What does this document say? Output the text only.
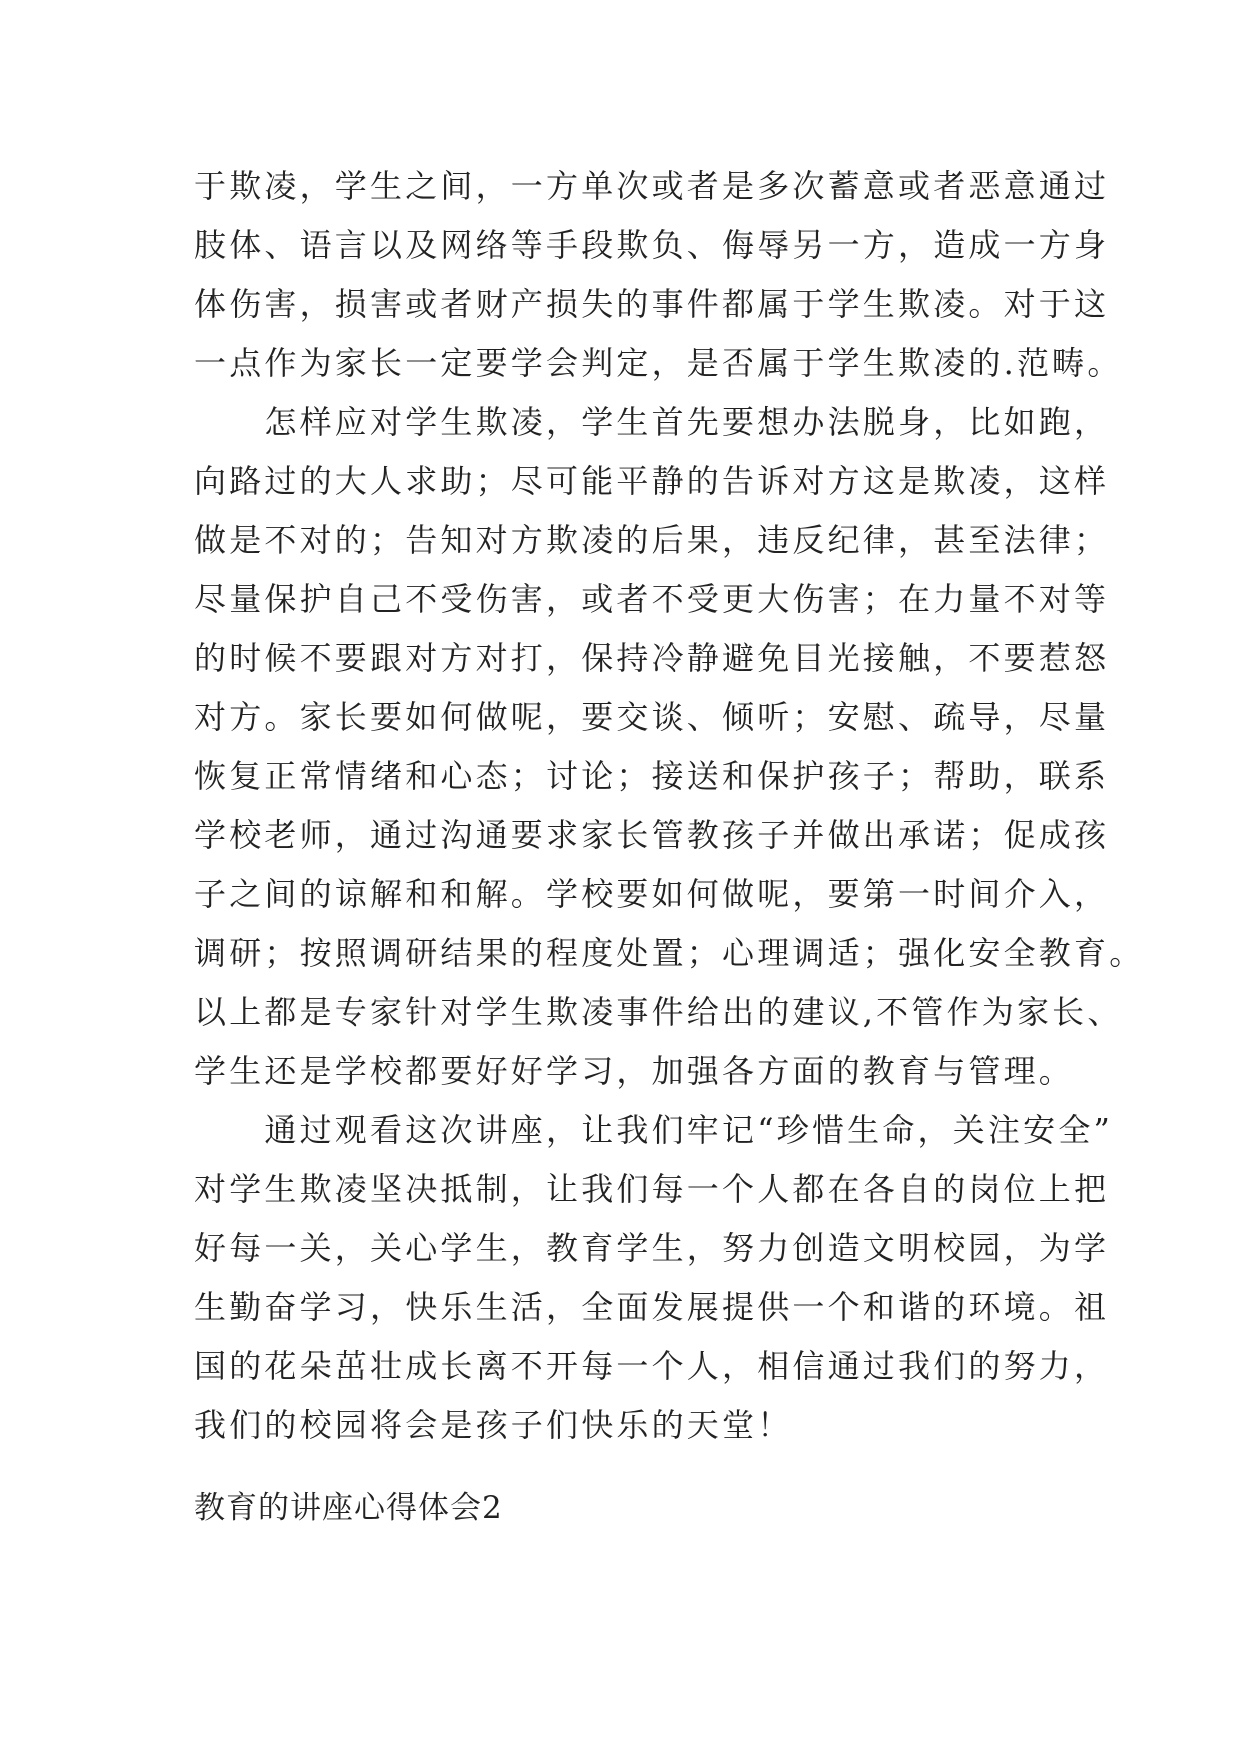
于欺凌，学生之间，一方单次或者是多次蓄意或者恶意通过
肢体、语言以及网络等手段欺负、侮辱另一方，造成一方身
体伤害，损害或者财产损失的事件都属于学生欺凌。对于这
一点作为家长一定要学会判定，是否属于学生欺凌的.范畴。
　　怎样应对学生欺凌，学生首先要想办法脱身，比如跑，
向路过的大人求助；尽可能平静的告诉对方这是欺凌，这样
做是不对的；告知对方欺凌的后果，违反纪律，甚至法律；
尽量保护自己不受伤害，或者不受更大伤害；在力量不对等
的时候不要跟对方对打，保持冷静避免目光接触，不要惹怒
对方。家长要如何做呢，要交谈、倾听；安慰、疏导，尽量
恢复正常情绪和心态；讨论；接送和保护孩子；帮助，联系
学校老师，通过沟通要求家长管教孩子并做出承诺；促成孩
子之间的谅解和和解。学校要如何做呢，要第一时间介入，
调研；按照调研结果的程度处置；心理调适；强化安全教育。
以上都是专家针对学生欺凌事件给出的建议,不管作为家长、
学生还是学校都要好好学习，加强各方面的教育与管理。
　　通过观看这次讲座，让我们牢记“珍惜生命，关注安全”
对学生欺凌坚决抵制，让我们每一个人都在各自的岗位上把
好每一关，关心学生，教育学生，努力创造文明校园，为学
生勤奋学习，快乐生活，全面发展提供一个和谐的环境。祖
国的花朵茁壮成长离不开每一个人，相信通过我们的努力，
我们的校园将会是孩子们快乐的天堂！
教育的讲座心得体会2
